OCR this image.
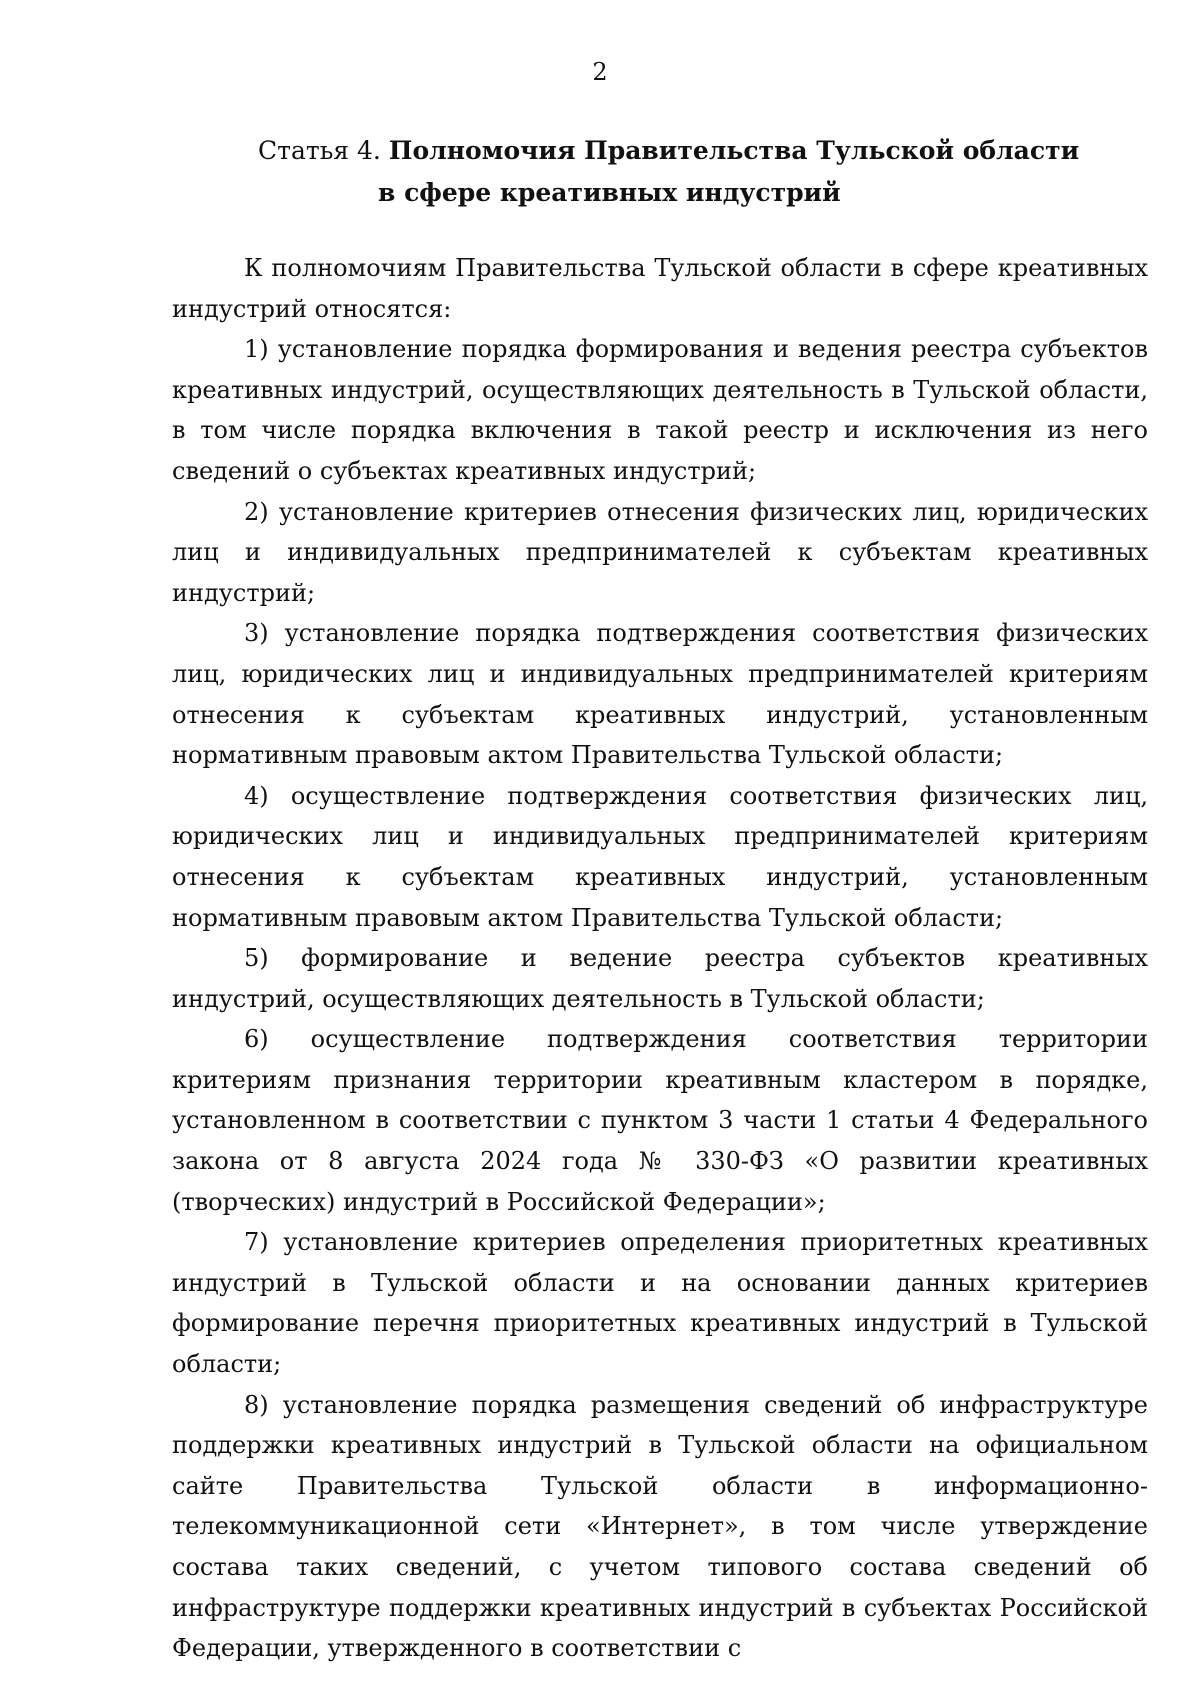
2
Статья 4. Полномочия Правительства Тульской области
в сфере креативных индустрий

К полномочиям Правительства Тульской области в сфере креативных индустрий относятся:

1) установление порядка формирования и ведения реестра субъектов креативных индустрий, осуществляющих деятельность в Тульской области, в том числе порядка включения в такой реестр и исключения из него сведений о субъектах креативных индустрий;

2) установление критериев отнесения физических лиц, юридических лиц и индивидуальных предпринимателей к субъектам креативных индустрий;

3) установление порядка подтверждения соответствия физических лиц, юридических лиц и индивидуальных предпринимателей критериям отнесения к субъектам креативных индустрий, установленным нормативным правовым актом Правительства Тульской области;

4) осуществление подтверждения соответствия физических лиц, юридических лиц и индивидуальных предпринимателей критериям отнесения к субъектам креативных индустрий, установленным нормативным правовым актом Правительства Тульской области;

5) формирование и ведение реестра субъектов креативных индустрий, осуществляющих деятельность в Тульской области;

6) осуществление подтверждения соответствия территории критериям признания территории креативным кластером в порядке, установленном в соответствии с пунктом 3 части 1 статьи 4 Федерального закона от 8 августа 2024 года № 330-ФЗ «О развитии креативных (творческих) индустрий в Российской Федерации»;

7) установление критериев определения приоритетных креативных индустрий в Тульской области и на основании данных критериев формирование перечня приоритетных креативных индустрий в Тульской области;

8) установление порядка размещения сведений об инфраструктуре поддержки креативных индустрий в Тульской области на официальном сайте Правительства Тульской области в информационно-телекоммуникационной сети «Интернет», в том числе утверждение состава таких сведений, с учетом типового состава сведений об инфраструктуре поддержки креативных индустрий в субъектах Российской Федерации, утвержденного в соответствии с
